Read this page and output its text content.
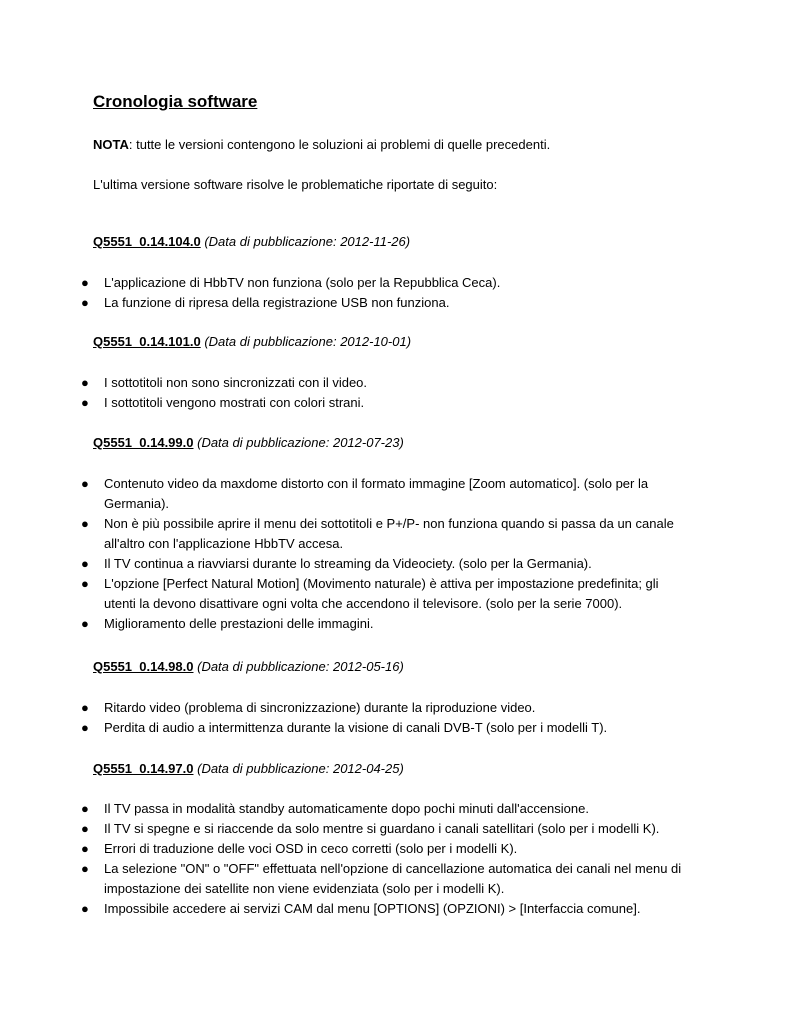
Cronologia software

NOTA: tutte le versioni contengono le soluzioni ai problemi di quelle precedenti.

L'ultima versione software risolve le problematiche riportate di seguito:

Q5551_0.14.104.0 (Data di pubblicazione: 2012-11-26)

● L'applicazione di HbbTV non funziona (solo per la Repubblica Ceca).
● La funzione di ripresa della registrazione USB non funziona.

Q5551_0.14.101.0 (Data di pubblicazione: 2012-10-01)

● I sottotitoli non sono sincronizzati con il video.
● I sottotitoli vengono mostrati con colori strani.

Q5551_0.14.99.0 (Data di pubblicazione: 2012-07-23)

● Contenuto video da maxdome distorto con il formato immagine [Zoom automatico]. (solo per la Germania).
● Non è più possibile aprire il menu dei sottotitoli e P+/P- non funziona quando si passa da un canale all'altro con l'applicazione HbbTV accesa.
● Il TV continua a riavviarsi durante lo streaming da Videociety. (solo per la Germania).
● L'opzione [Perfect Natural Motion] (Movimento naturale) è attiva per impostazione predefinita; gli utenti la devono disattivare ogni volta che accendono il televisore. (solo per la serie 7000).
● Miglioramento delle prestazioni delle immagini.

Q5551_0.14.98.0 (Data di pubblicazione: 2012-05-16)

● Ritardo video (problema di sincronizzazione) durante la riproduzione video.
● Perdita di audio a intermittenza durante la visione di canali DVB-T (solo per i modelli T).

Q5551_0.14.97.0 (Data di pubblicazione: 2012-04-25)

● Il TV passa in modalità standby automaticamente dopo pochi minuti dall'accensione.
● Il TV si spegne e si riaccende da solo mentre si guardano i canali satellitari (solo per i modelli K).
● Errori di traduzione delle voci OSD in ceco corretti (solo per i modelli K).
● La selezione "ON" o "OFF" effettuata nell'opzione di cancellazione automatica dei canali nel menu di impostazione dei satellite non viene evidenziata (solo per i modelli K).
● Impossibile accedere ai servizi CAM dal menu [OPTIONS] (OPZIONI) > [Interfaccia comune].
